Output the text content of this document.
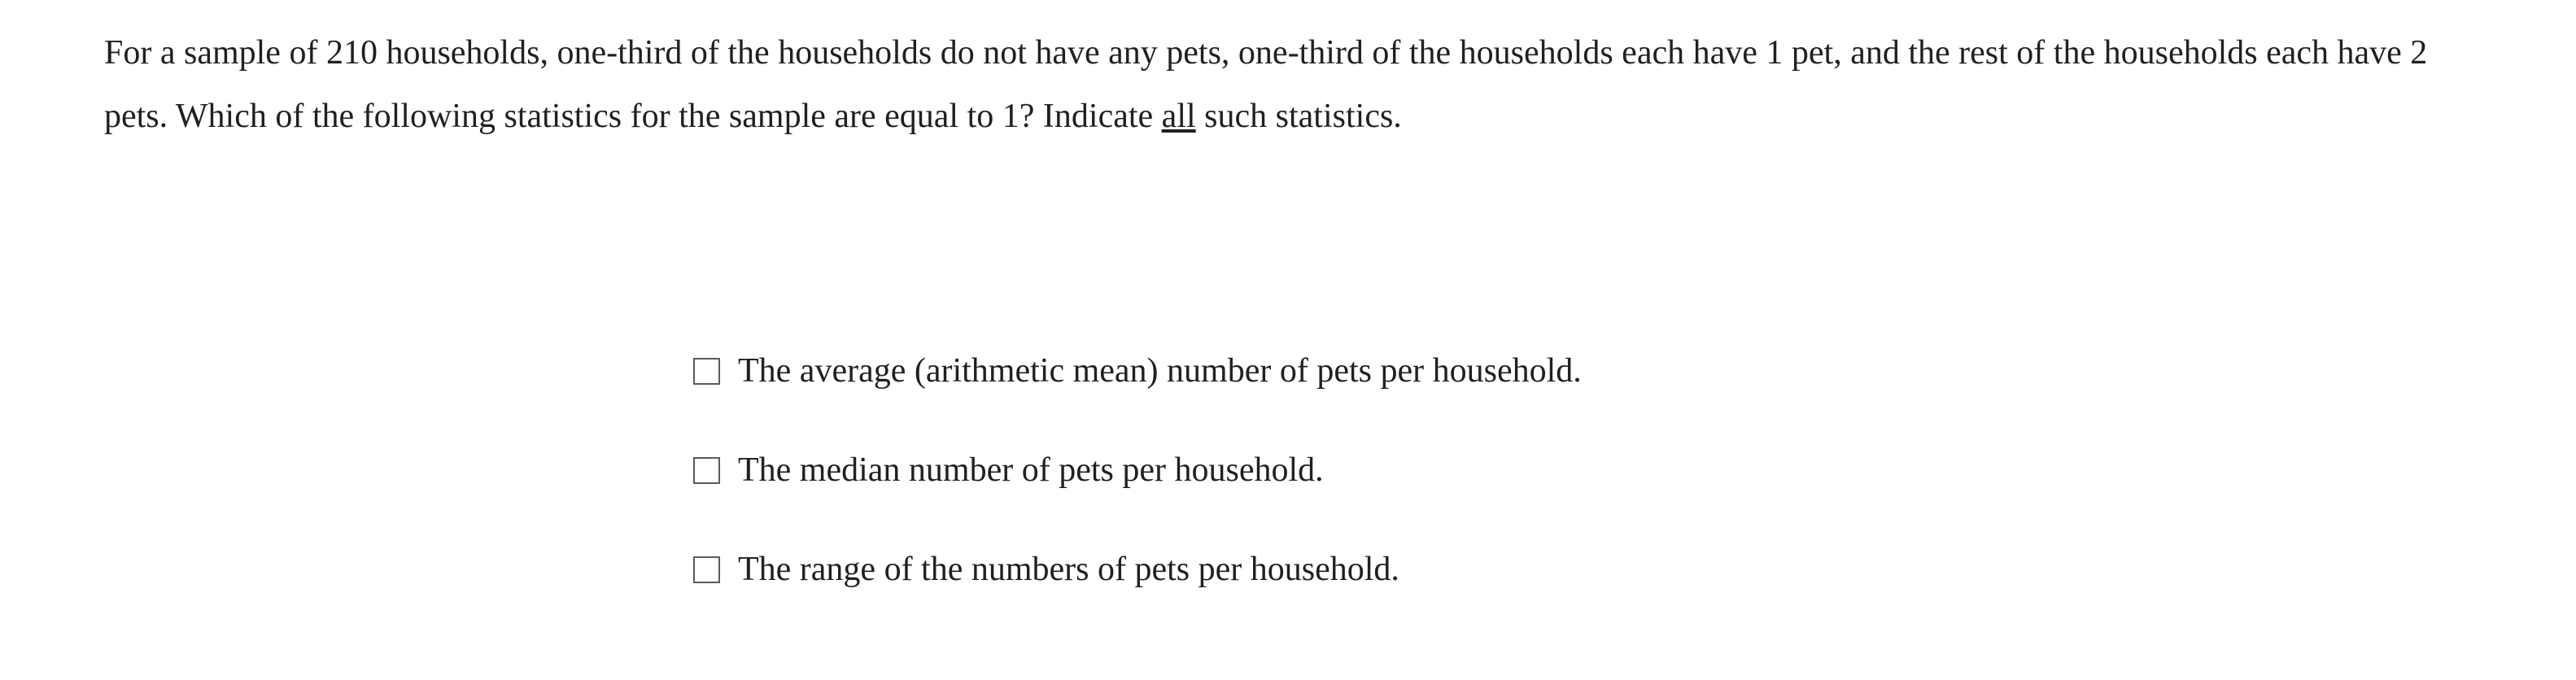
For a sample of 210 households, one-third of the households do not have any pets, one-third of the households each have 1 pet, and the rest of the households each have 2 pets. Which of the following statistics for the sample are equal to 1? Indicate all such statistics.
The average (arithmetic mean) number of pets per household.
The median number of pets per household.
The range of the numbers of pets per household.
